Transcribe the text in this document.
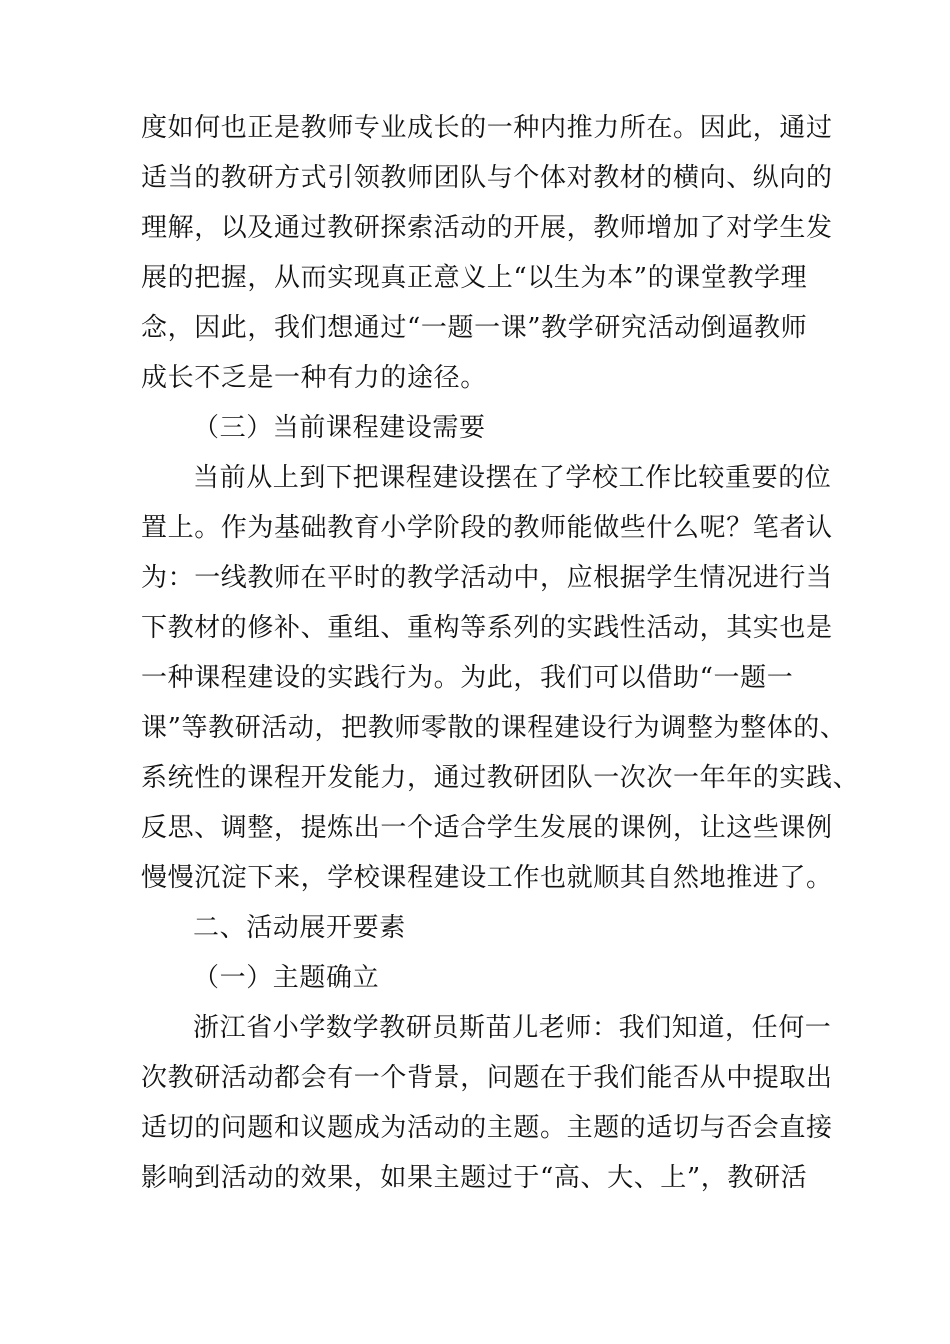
度如何也正是教师专业成长的一种内推力所在。因此，通过
适当的教研方式引领教师团队与个体对教材的横向、纵向的
理解，以及通过教研探索活动的开展，教师增加了对学生发
展的把握，从而实现真正意义上“以生为本”的课堂教学理
念，因此，我们想通过“一题一课”教学研究活动倒逼教师
成长不乏是一种有力的途径。
（三）当前课程建设需要
当前从上到下把课程建设摆在了学校工作比较重要的位
置上。作为基础教育小学阶段的教师能做些什么呢？笔者认
为：一线教师在平时的教学活动中，应根据学生情况进行当
下教材的修补、重组、重构等系列的实践性活动，其实也是
一种课程建设的实践行为。为此，我们可以借助“一题一
课”等教研活动，把教师零散的课程建设行为调整为整体的、
系统性的课程开发能力，通过教研团队一次次一年年的实践、
反思、调整，提炼出一个适合学生发展的课例，让这些课例
慢慢沉淀下来，学校课程建设工作也就顺其自然地推进了。
二、活动展开要素
（一）主题确立
浙江省小学数学教研员斯苗儿老师：我们知道，任何一
次教研活动都会有一个背景，问题在于我们能否从中提取出
适切的问题和议题成为活动的主题。主题的适切与否会直接
影响到活动的效果，如果主题过于“高、大、上”，教研活
